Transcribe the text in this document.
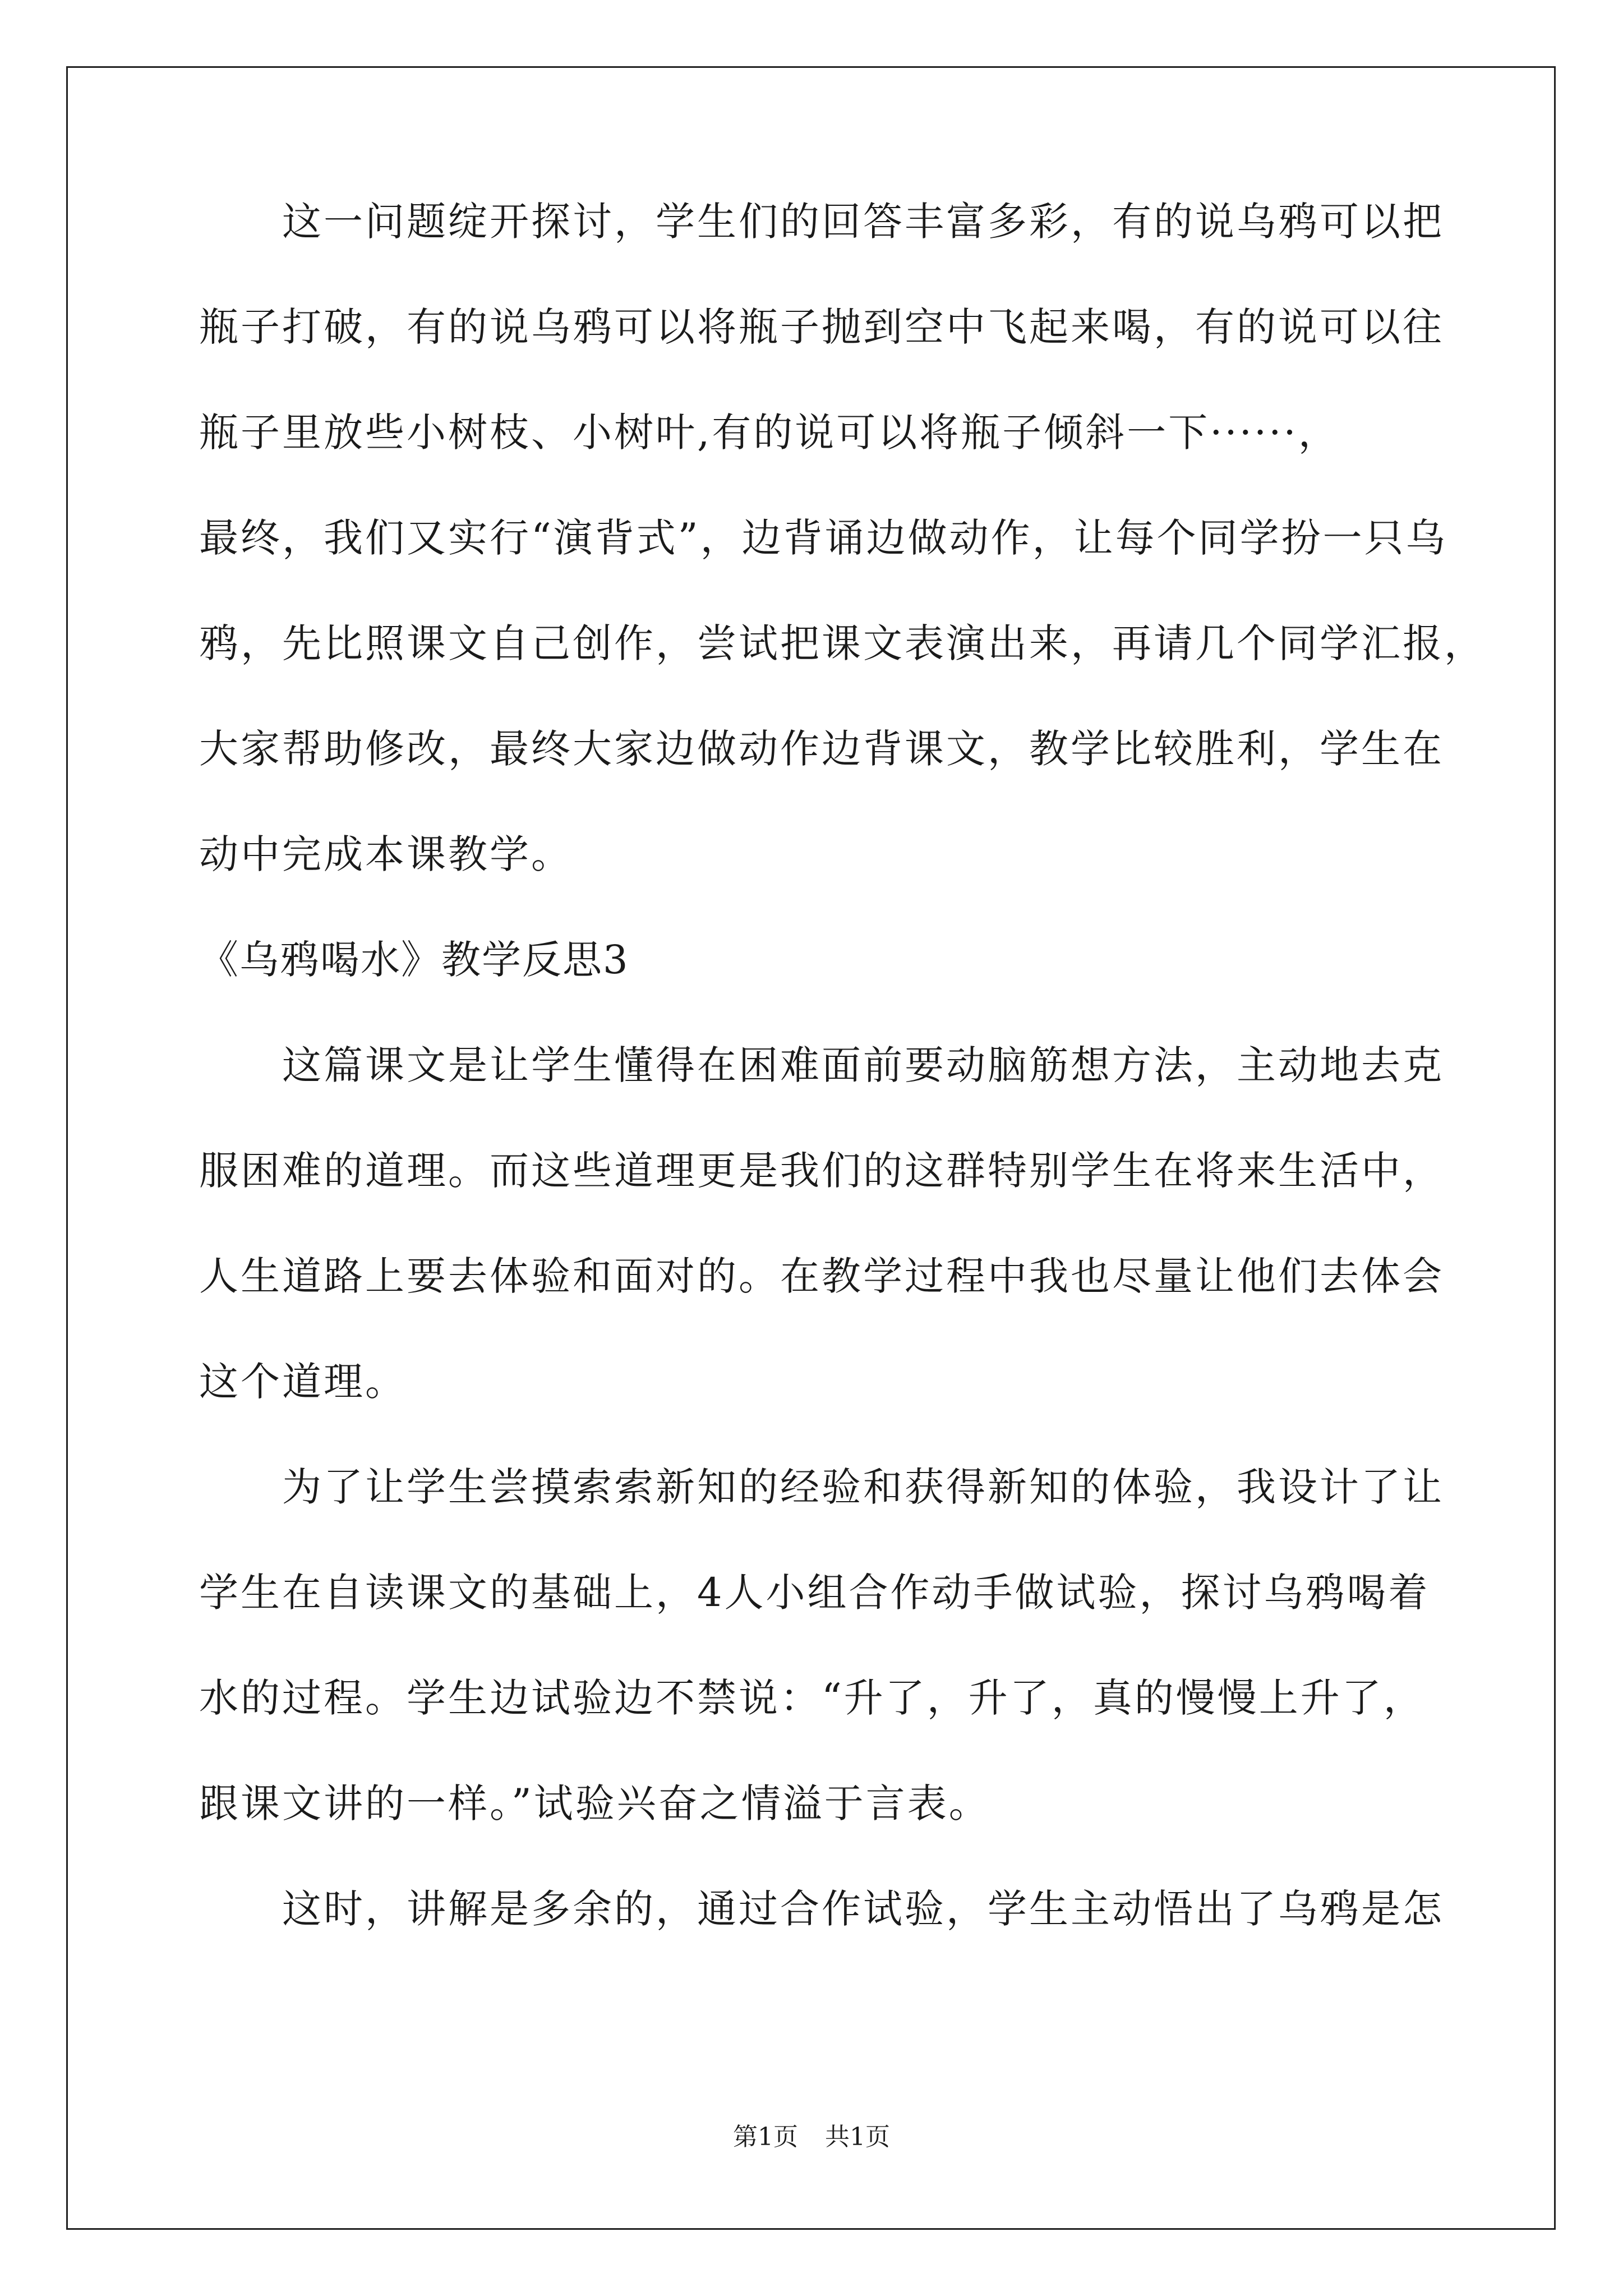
这一问题绽开探讨，学生们的回答丰富多彩，有的说乌鸦可以把

瓶子打破，有的说乌鸦可以将瓶子抛到空中飞起来喝，有的说可以往

瓶子里放些小树枝、小树叶,有的说可以将瓶子倾斜一下······，

最终，我们又实行“演背式”，边背诵边做动作，让每个同学扮一只乌

鸦，先比照课文自己创作，尝试把课文表演出来，再请几个同学汇报，

大家帮助修改，最终大家边做动作边背课文，教学比较胜利，学生在

动中完成本课教学。

《乌鸦喝水》教学反思3

这篇课文是让学生懂得在困难面前要动脑筋想方法，主动地去克

服困难的道理。而这些道理更是我们的这群特别学生在将来生活中，

人生道路上要去体验和面对的。在教学过程中我也尽量让他们去体会

这个道理。

为了让学生尝摸索索新知的经验和获得新知的体验，我设计了让

学生在自读课文的基础上，4人小组合作动手做试验，探讨乌鸦喝着

水的过程。学生边试验边不禁说：“升了，升了，真的慢慢上升了，

跟课文讲的一样。”试验兴奋之情溢于言表。

这时，讲解是多余的，通过合作试验，学生主动悟出了乌鸦是怎

第1页 共1页
